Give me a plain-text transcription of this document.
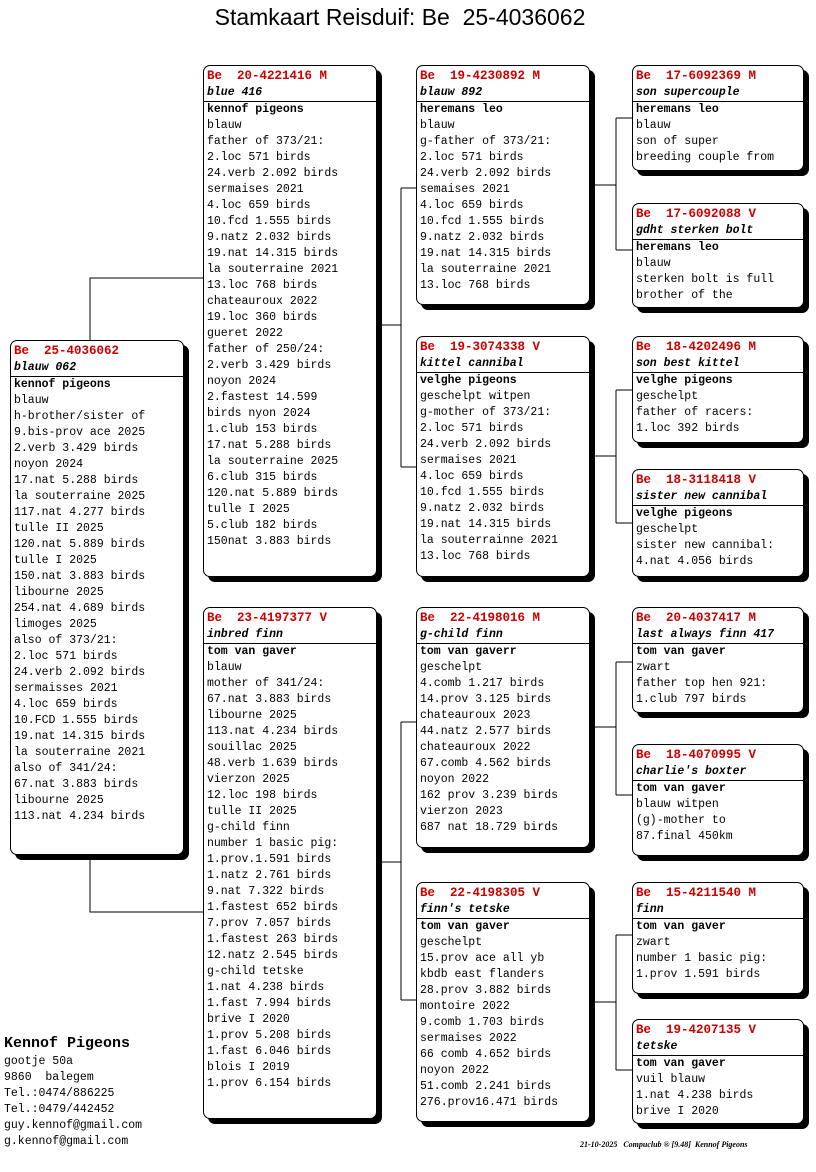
Stamkaart Reisduif: Be  25-4036062
Be  25-4036062
blauw 062
kennof pigeons
blauw
h-brother/sister of
9.bis-prov ace 2025
2.verb 3.429 birds
noyon 2024
17.nat 5.288 birds
la souterraine 2025
117.nat 4.277 birds
tulle II 2025
120.nat 5.889 birds
tulle I 2025
150.nat 3.883 birds
libourne 2025
254.nat 4.689 birds
limoges 2025
also of 373/21:
2.loc 571 birds
24.verb 2.092 birds
sermaisses 2021
4.loc 659 birds
10.FCD 1.555 birds
19.nat 14.315 birds
la souterraine 2021
also of 341/24:
67.nat 3.883 birds
libourne 2025
113.nat 4.234 birds
Be  20-4221416 M
blue 416
kennof pigeons
blauw
father of 373/21:
2.loc 571 birds
24.verb 2.092 birds
sermaises 2021
4.loc 659 birds
10.fcd 1.555 birds
9.natz 2.032 birds
19.nat 14.315 birds
la souterraine 2021
13.loc 768 birds
chateauroux 2022
19.loc 360 birds
gueret 2022
father of 250/24:
2.verb 3.429 birds
noyon 2024
2.fastest 14.599
birds nyon 2024
1.club 153 birds
17.nat 5.288 birds
la souterraine 2025
6.club 315 birds
120.nat 5.889 birds
tulle I 2025
5.club 182 birds
150nat 3.883 birds
Be  23-4197377 V
inbred finn
tom van gaver
blauw
mother of 341/24:
67.nat 3.883 birds
libourne 2025
113.nat 4.234 birds
souillac 2025
48.verb 1.639 birds
vierzon 2025
12.loc 198 birds
tulle II 2025
g-child finn
number 1 basic pig:
1.prov.1.591 birds
1.natz 2.761 birds
9.nat 7.322 birds
1.fastest 652 birds
7.prov 7.057 birds
1.fastest 263 birds
12.natz 2.545 birds
g-child tetske
1.nat 4.238 birds
1.fast 7.994 birds
brive I 2020
1.prov 5.208 birds
1.fast 6.046 birds
blois I 2019
1.prov 6.154 birds
Be  19-4230892 M
blauw 892
heremans leo
blauw
g-father of 373/21:
2.loc 571 birds
24.verb 2.092 birds
semaises 2021
4.loc 659 birds
10.fcd 1.555 birds
9.natz 2.032 birds
19.nat 14.315 birds
la souterraine 2021
13.loc 768 birds
Be  19-3074338 V
kittel cannibal
velghe pigeons
geschelpt witpen
g-mother of 373/21:
2.loc 571 birds
24.verb 2.092 birds
sermaises 2021
4.loc 659 birds
10.fcd 1.555 birds
9.natz 2.032 birds
19.nat 14.315 birds
la souterrainne 2021
13.loc 768 birds
Be  22-4198016 M
g-child finn
tom van gaverr
geschelpt
4.comb 1.217 birds
14.prov 3.125 birds
chateauroux 2023
44.natz 2.577 birds
chateauroux 2022
67.comb 4.562 birds
noyon 2022
162 prov 3.239 birds
vierzon 2023
687 nat 18.729 birds
Be  22-4198305 V
finn's tetske
tom van gaver
geschelpt
15.prov ace all yb
kbdb east flanders
28.prov 3.882 birds
montoire 2022
9.comb 1.703 birds
sermaises 2022
66 comb 4.652 birds
noyon 2022
51.comb 2.241 birds
276.prov16.471 birds
Be  17-6092369 M
son supercouple
heremans leo
blauw
son of super
breeding couple from
Be  17-6092088 V
gdht sterken bolt
heremans leo
blauw
sterken bolt is full
brother of the
Be  18-4202496 M
son best kittel
velghe pigeons
geschelpt
father of racers:
1.loc 392 birds
Be  18-3118418 V
sister new cannibal
velghe pigeons
geschelpt
sister new cannibal:
4.nat 4.056 birds
Be  20-4037417 M
last always finn 417
tom van gaver
zwart
father top hen 921:
1.club 797 birds
Be  18-4070995 V
charlie's boxter
tom van gaver
blauw witpen
(g)-mother to
87.final 450km
Be  15-4211540 M
finn
tom van gaver
zwart
number 1 basic pig:
1.prov 1.591 birds
Be  19-4207135 V
tetske
tom van gaver
vuil blauw
1.nat 4.238 birds
brive I 2020
Kennof Pigeons
gootje 50a
9860  balegem
Tel.:0474/886225
Tel.:0479/442452
guy.kennof@gmail.com
g.kennof@gmail.com	21-10-2025   Compuclub ® [9.48]  Kennof Pigeons
